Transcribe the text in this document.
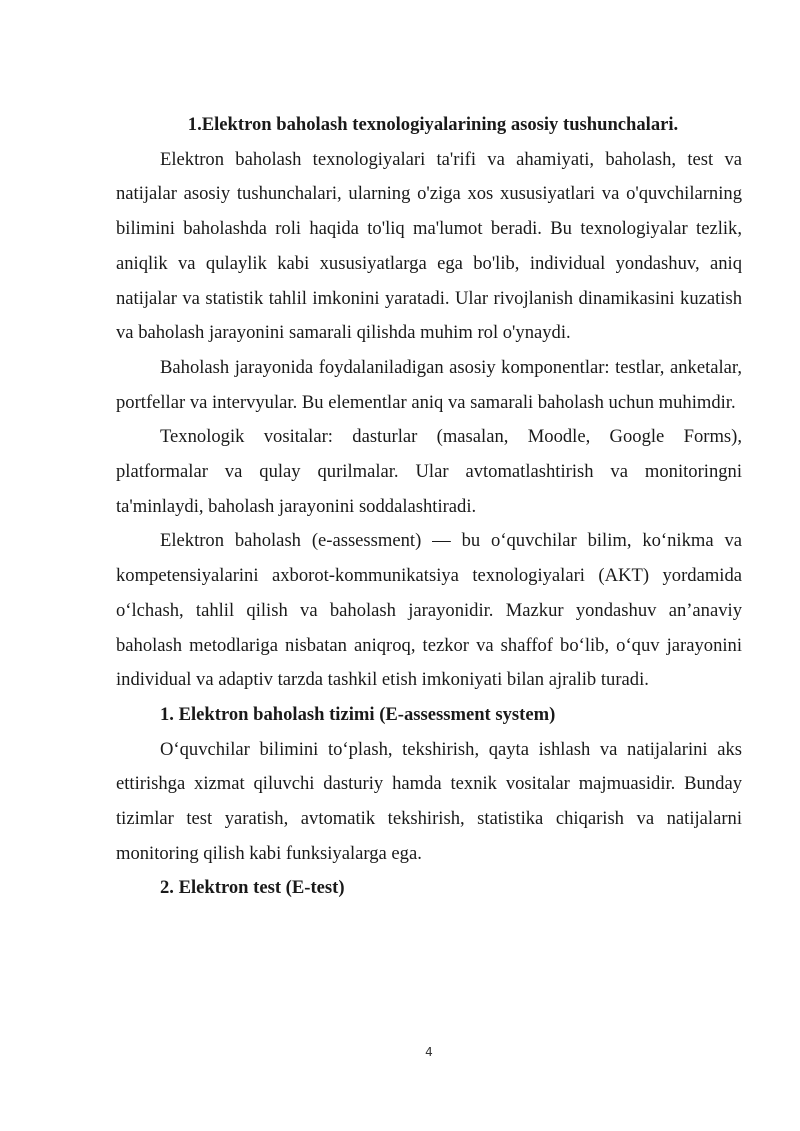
1.Elektron baholash texnologiyalarining asosiy tushunchalari.

Elektron baholash texnologiyalari ta'rifi va ahamiyati, baholash, test va natijalar asosiy tushunchalari, ularning o'ziga xos xususiyatlari va o'quvchilarning bilimini baholashda roli haqida to'liq ma'lumot beradi. Bu texnologiyalar tezlik, aniqlik va qulaylik kabi xususiyatlarga ega bo'lib, individual yondashuv, aniq natijalar va statistik tahlil imkonini yaratadi. Ular rivojlanish dinamikasini kuzatish va baholash jarayonini samarali qilishda muhim rol o'ynaydi.

Baholash jarayonida foydalaniladigan asosiy komponentlar: testlar, anketalar, portfellar va intervyular. Bu elementlar aniq va samarali baholash uchun muhimdir.

Texnologik vositalar: dasturlar (masalan, Moodle, Google Forms), platformalar va qulay qurilmalar. Ular avtomatlashtirish va monitoringni ta'minlaydi, baholash jarayonini soddalashtiradi.

Elektron baholash (e-assessment) — bu o‘quvchilar bilim, ko‘nikma va kompetensiyalarini axborot-kommunikatsiya texnologiyalari (AKT) yordamida o‘lchash, tahlil qilish va baholash jarayonidir. Mazkur yondashuv an’anaviy baholash metodlariga nisbatan aniqroq, tezkor va shaffof bo‘lib, o‘quv jarayonini individual va adaptiv tarzda tashkil etish imkoniyati bilan ajralib turadi.

1. Elektron baholash tizimi (E-assessment system)

O‘quvchilar bilimini to‘plash, tekshirish, qayta ishlash va natijalarini aks ettirishga xizmat qiluvchi dasturiy hamda texnik vositalar majmuasidir. Bunday tizimlar test yaratish, avtomatik tekshirish, statistika chiqarish va natijalarni monitoring qilish kabi funksiyalarga ega.

2. Elektron test (E-test)

4
